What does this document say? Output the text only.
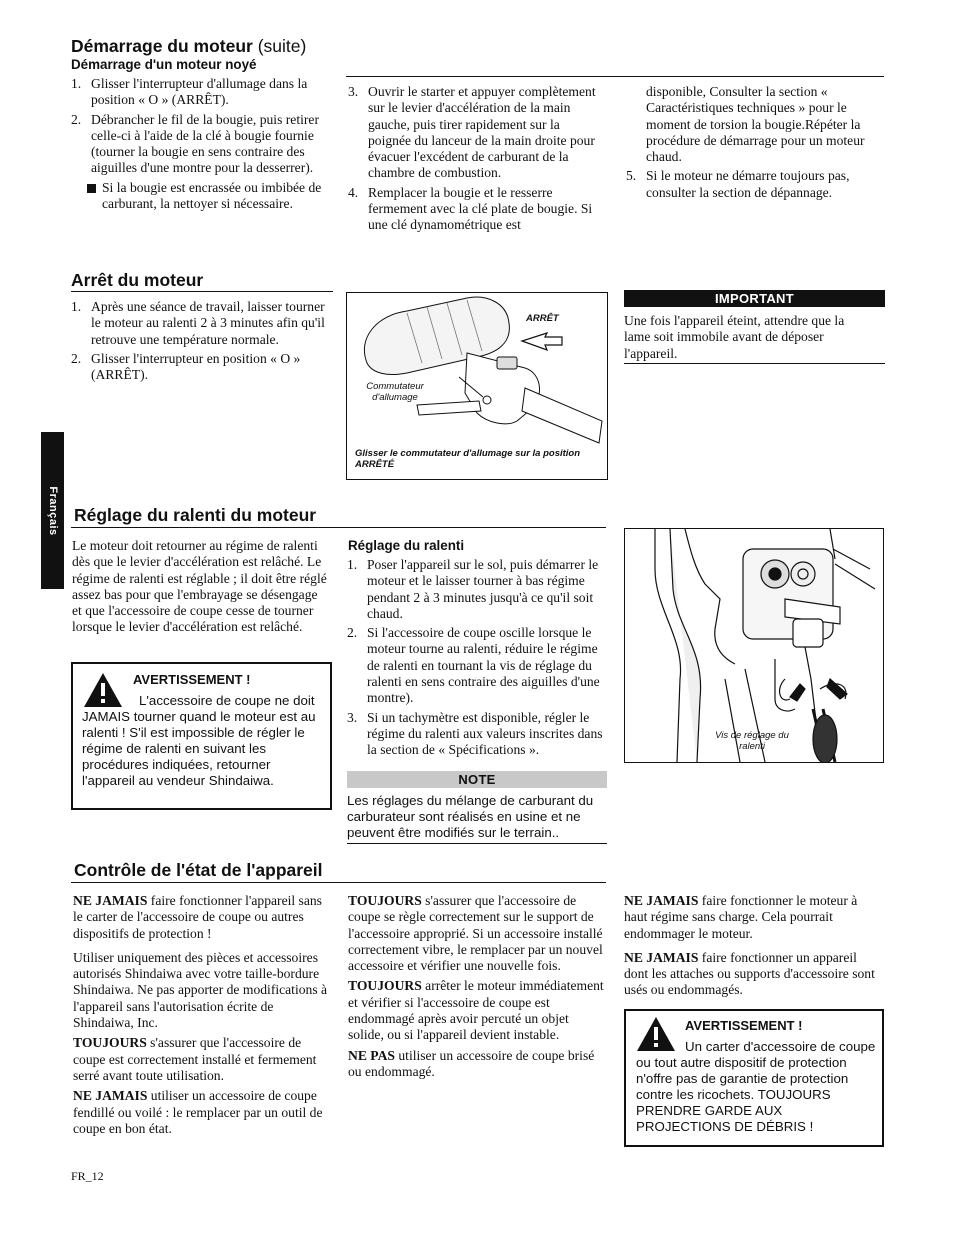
Démarrage du moteur (suite)
Démarrage d'un moteur noyé
1. Glisser l'interrupteur d'allumage dans la position « O » (ARRÊT).
2. Débrancher le fil de la bougie, puis retirer celle-ci à l'aide de la clé à bougie fournie (tourner la bougie en sens contraire des aiguilles d'une montre pour la desserrer).
Si la bougie est encrassée ou imbibée de carburant, la nettoyer si nécessaire.
3. Ouvrir le starter et appuyer complètement sur le levier d'accélération de la main gauche, puis tirer rapidement sur la poignée du lanceur de la main droite pour évacuer l'excédent de carburant de la chambre de combustion.
4. Remplacer la bougie et le resserre fermement avec la clé plate de bougie. Si une clé dynamométrique est
disponible, Consulter la section « Caractéristiques techniques » pour le moment de torsion la bougie.Répéter la procédure de démarrage pour un moteur chaud.
5. Si le moteur ne démarre toujours pas, consulter la section de dépannage.
Arrêt du moteur
1. Après une séance de travail, laisser tourner le moteur au ralenti 2 à 3 minutes afin qu'il retrouve une température normale.
2. Glisser l'interrupteur en position « O » (ARRÊT).
ARRÊT
Commutateur d'allumage
Glisser le commutateur d'allumage sur la position ARRÊTÉ
IMPORTANT
Une fois l'appareil éteint, attendre que la lame soit immobile avant de déposer l'appareil.
Français Réglage du ralenti du moteur
Le moteur doit retourner au régime de ralenti dès que le levier d'accélération est relâché. Le régime de ralenti est réglable ; il doit être réglé assez bas pour que l'embrayage se désengage et que l'accessoire de coupe cesse de tourner lorsque le levier d'accélération est relâché.
AVERTISSEMENT !
L'accessoire de coupe ne doit JAMAIS tourner quand le moteur est au ralenti ! S'il est impossible de régler le régime de ralenti en suivant les procédures indiquées, retourner l'appareil au vendeur Shindaiwa.
Réglage du ralenti
1. Poser l'appareil sur le sol, puis démarrer le moteur et le laisser tourner à bas régime pendant 2 à 3 minutes jusqu'à ce qu'il soit chaud.
2. Si l'accessoire de coupe oscille lorsque le moteur tourne au ralenti, réduire le régime de ralenti en tournant la vis de réglage du ralenti en sens contraire des aiguilles d'une montre).
3. Si un tachymètre est disponible, régler le régime du ralenti aux valeurs inscrites dans la section de « Spécifications ».
NOTE
Les réglages du mélange de carburant du carburateur sont réalisés en usine et ne peuvent être modifiés sur le terrain..
Vis de réglage du ralenti
Contrôle de l'état de l'appareil

NE JAMAIS faire fonctionner l'appareil sans le carter de l'accessoire de coupe ou autres dispositifs de protection !

Utiliser uniquement des pièces et accessoires autorisés Shindaiwa avec votre taille-bordure Shindaiwa. Ne pas apporter de modifications à l'appareil sans l'autorisation écrite de Shindaiwa, Inc.

TOUJOURS s'assurer que l'accessoire de coupe est correctement installé et fermement serré avant toute utilisation.

NE JAMAIS utiliser un accessoire de coupe fendillé ou voilé : le remplacer par un outil de coupe en bon état.

TOUJOURS s'assurer que l'accessoire de coupe se règle correctement sur le support de l'accessoire approprié. Si un accessoire installé correctement vibre, le remplacer par un nouvel accessoire et vérifier une nouvelle fois.

TOUJOURS arrêter le moteur immédiatement et vérifier si l'accessoire de coupe est endommagé après avoir percuté un objet solide, ou si l'appareil devient instable.

NE PAS utiliser un accessoire de coupe brisé ou endommagé.

NE JAMAIS faire fonctionner le moteur à haut régime sans charge. Cela pourrait endommager le moteur.

NE JAMAIS faire fonctionner un appareil dont les attaches ou supports d'accessoire sont usés ou endommagés.

AVERTISSEMENT !
Un carter d'accessoire de coupe ou tout autre dispositif de protection n'offre pas de garantie de protection contre les ricochets. TOUJOURS PRENDRE GARDE AUX PROJECTIONS DE DÉBRIS !
FR_12
